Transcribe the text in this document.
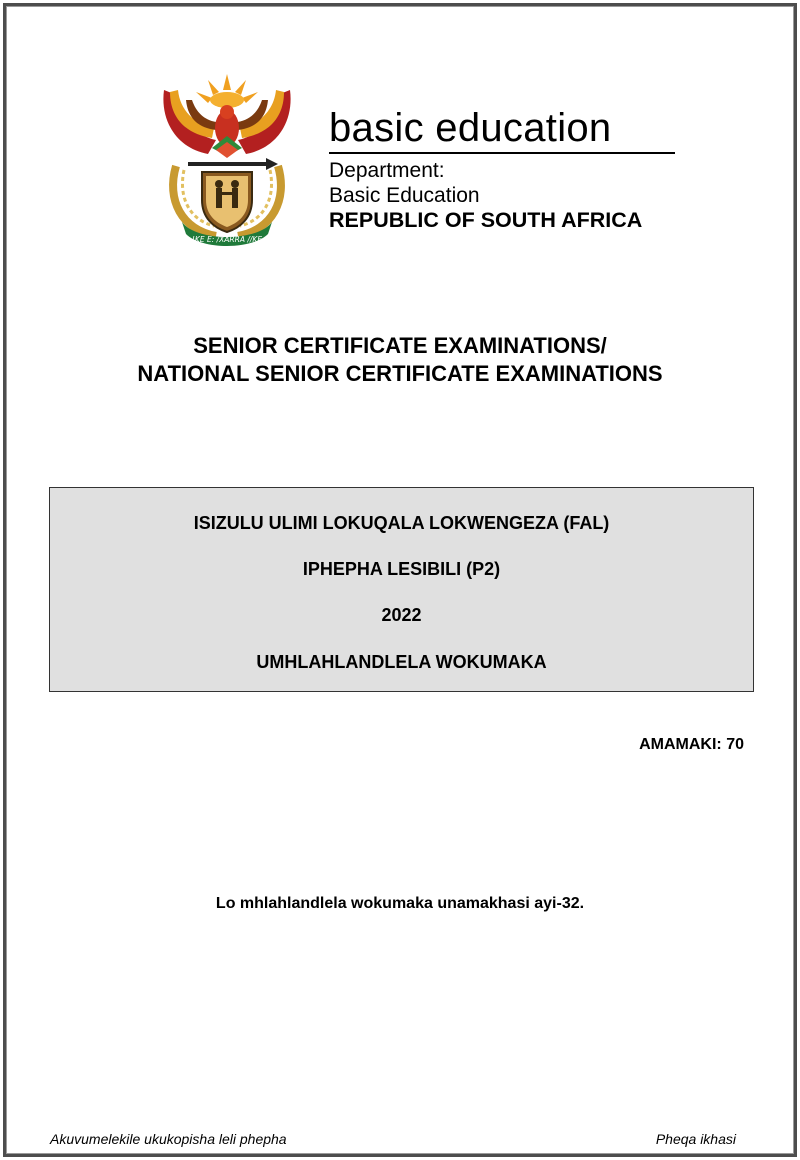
!KE E: /XARRA //KE
basic education
Department:
Basic Education
REPUBLIC OF SOUTH AFRICA
SENIOR CERTIFICATE EXAMINATIONS/
NATIONAL SENIOR CERTIFICATE EXAMINATIONS
ISIZULU ULIMI LOKUQALA LOKWENGEZA (FAL)
IPHEPHA LESIBILI (P2)
2022
UMHLAHLANDLELA WOKUMAKA
AMAMAKI: 70
Lo mhlahlandlela wokumaka unamakhasi ayi-32.
Akuvumelekile ukukopisha leli phepha	Pheqa ikhasi
